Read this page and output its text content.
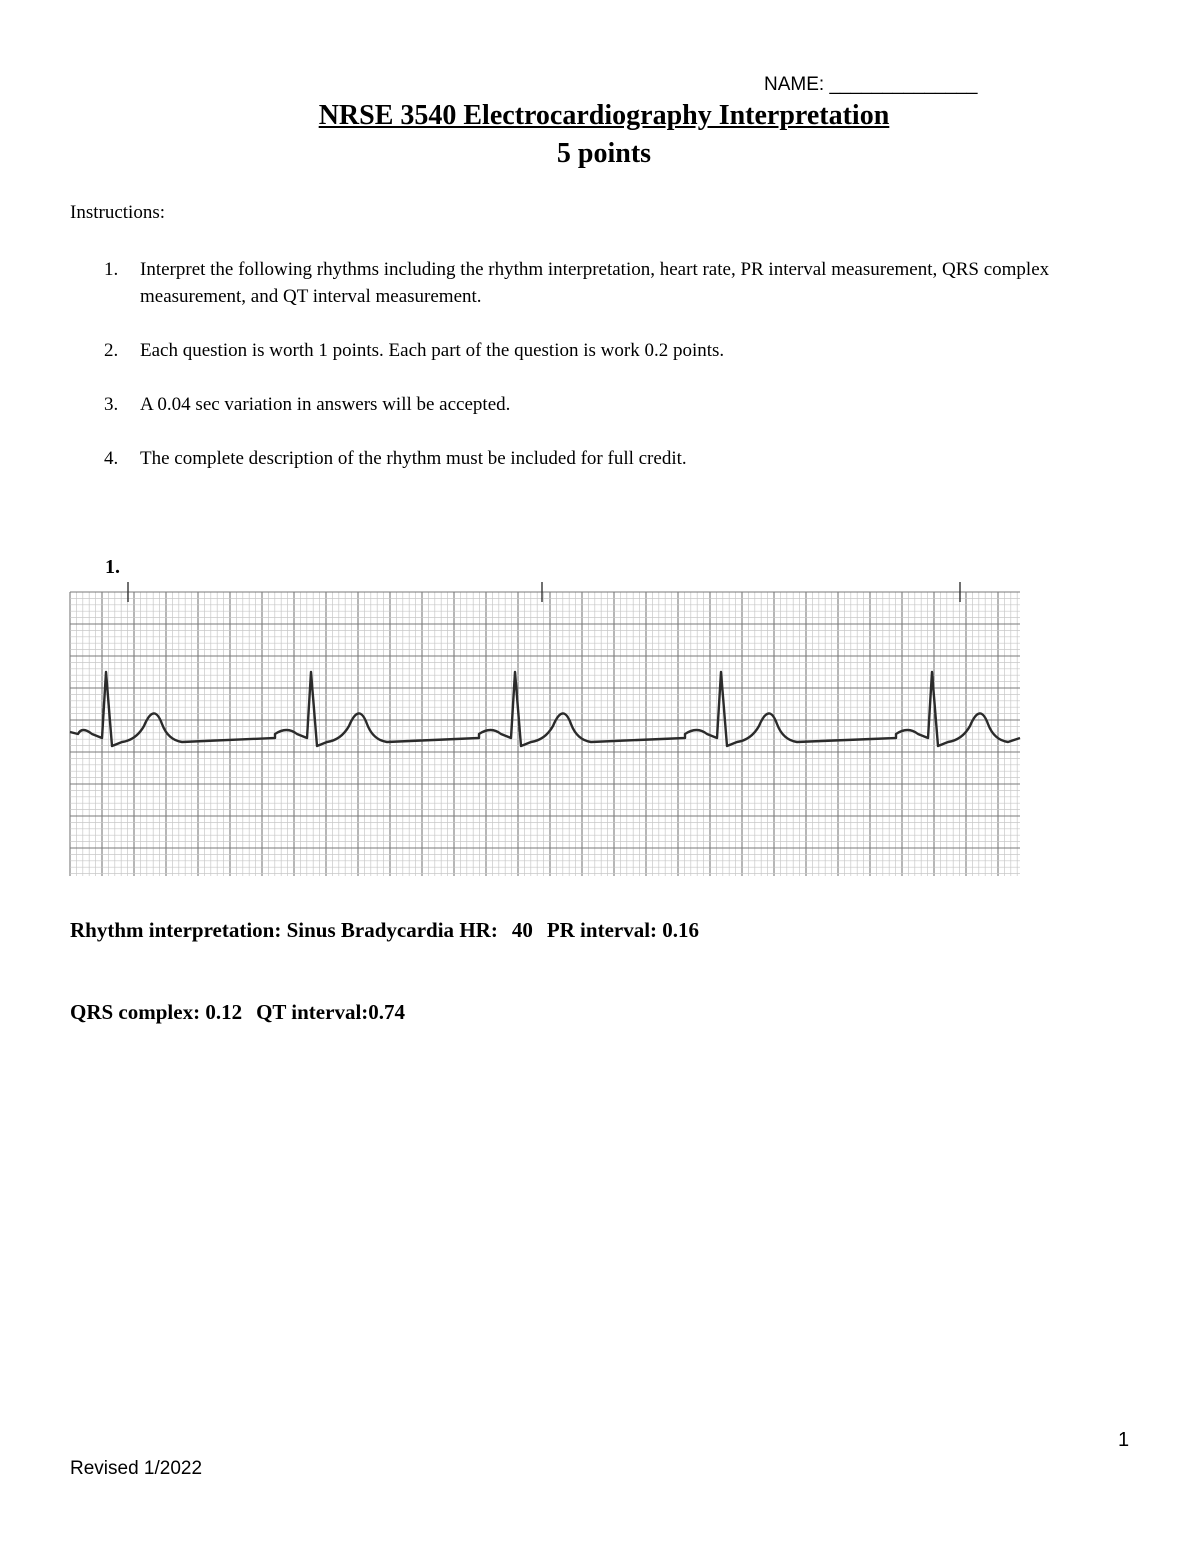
NAME: ______________
NRSE 3540 Electrocardiography Interpretation
5 points
Instructions:
1. Interpret the following rhythms including the rhythm interpretation, heart rate, PR interval measurement, QRS complex measurement, and QT interval measurement.
2. Each question is worth 1 points. Each part of the question is work 0.2 points.
3. A 0.04 sec variation in answers will be accepted.
4. The complete description of the rhythm must be included for full credit.
1.
Rhythm interpretation: Sinus Bradycardia HR: 40 PR interval: 0.16
QRS complex: 0.12 QT interval:0.74
1
Revised 1/2022
